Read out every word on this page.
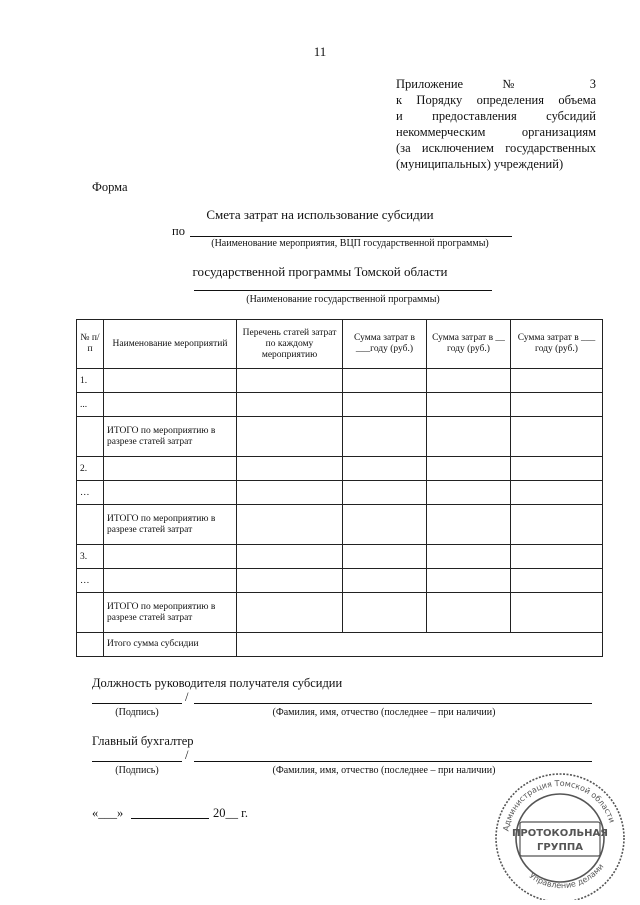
11
Приложение № 3
к Порядку определения объема
и предоставления субсидий
некоммерческим организациям
(за исключением государственных
(муниципальных) учреждений)
Форма
Смета затрат на использование субсидии
по
(Наименование мероприятия, ВЦП государственной программы)
государственной программы Томской области
(Наименование государственной программы)
№ п/п	Наименование мероприятий	Перечень статей затрат по каждому мероприятию	Сумма затрат в ___году (руб.)	Сумма затрат в __ году (руб.)	Сумма затрат в ___ году (руб.)
1.					
...					
	ИТОГО по мероприятию в разрезе статей затрат				
2.					
…					
	ИТОГО по мероприятию в разрезе статей затрат				
3.					
…					
	ИТОГО по мероприятию в разрезе статей затрат				
	Итого сумма субсидии				
Должность руководителя получателя субсидии
/
(Подпись)	(Фамилия, имя, отчество (последнее – при наличии)
Главный бухгалтер
/
(Подпись)	(Фамилия, имя, отчество (последнее – при наличии)
«___»	20__ г.
Администрация Томской области
Управление делами
ПРОТОКОЛЬНАЯ
ГРУППА
